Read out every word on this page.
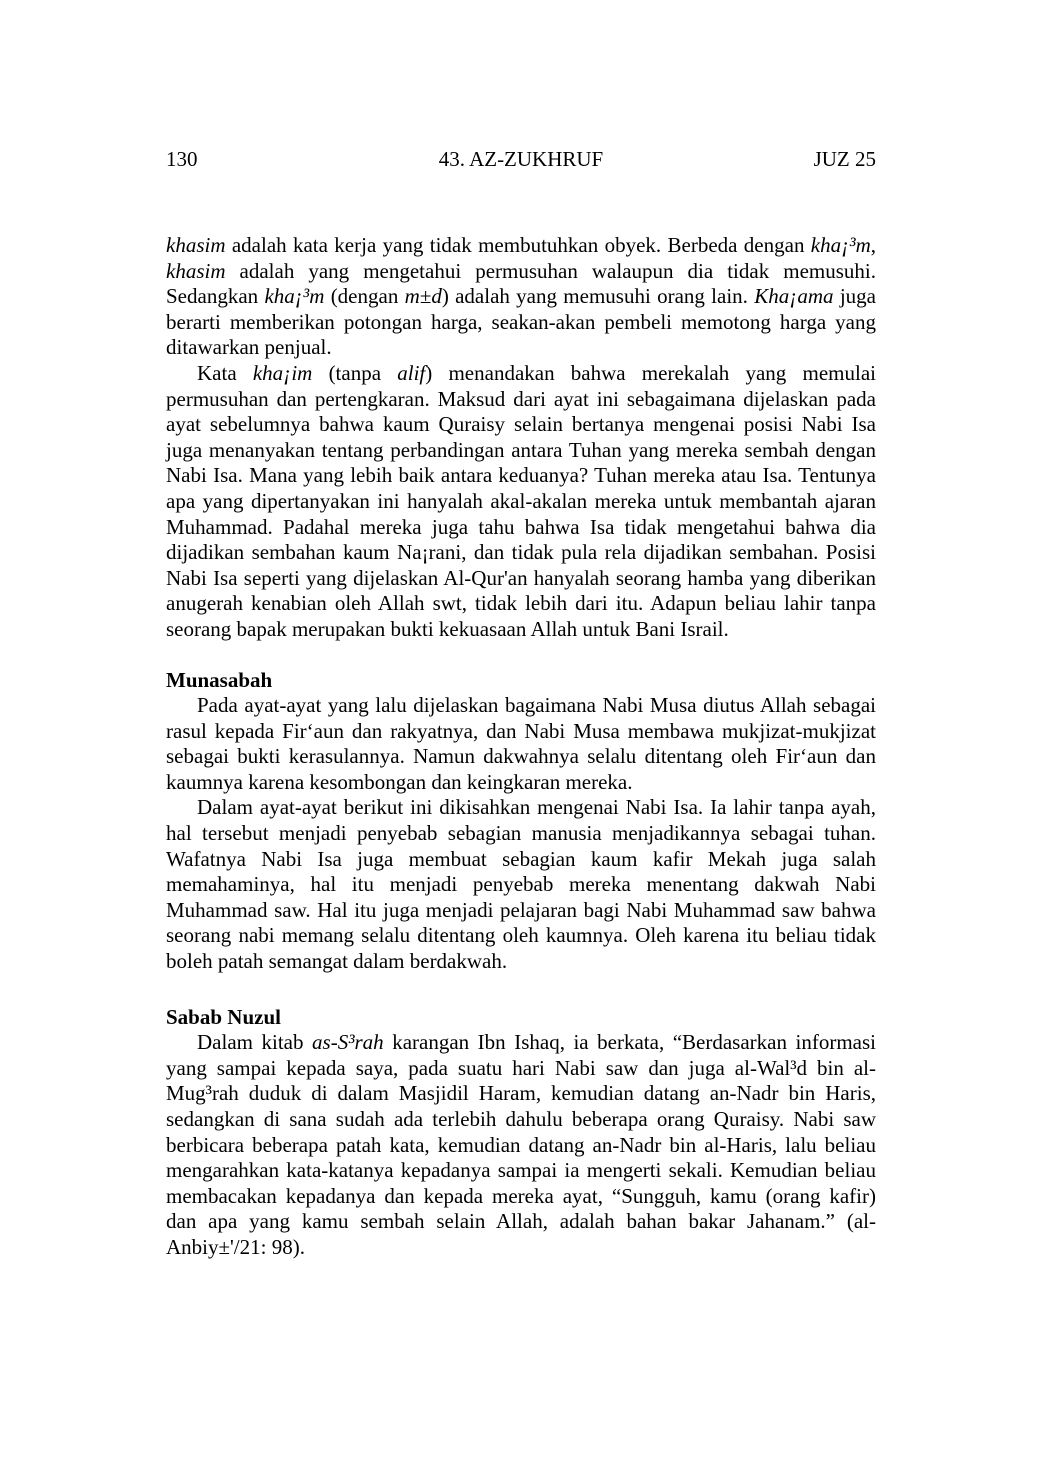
130	43. AZ-ZUKHRUF	JUZ 25

khasim adalah kata kerja yang tidak membutuhkan obyek. Berbeda dengan kha¡³m, khasim adalah yang mengetahui permusuhan walaupun dia tidak memusuhi. Sedangkan kha¡³m (dengan m±d) adalah yang memusuhi orang lain. Kha¡ama juga berarti memberikan potongan harga, seakan-akan pembeli memotong harga yang ditawarkan penjual.

Kata kha¡im (tanpa alif) menandakan bahwa merekalah yang memulai permusuhan dan pertengkaran. Maksud dari ayat ini sebagaimana dijelaskan pada ayat sebelumnya bahwa kaum Quraisy selain bertanya mengenai posisi Nabi Isa juga menanyakan tentang perbandingan antara Tuhan yang mereka sembah dengan Nabi Isa. Mana yang lebih baik antara keduanya? Tuhan mereka atau Isa. Tentunya apa yang dipertanyakan ini hanyalah akal-akalan mereka untuk membantah ajaran Muhammad. Padahal mereka juga tahu bahwa Isa tidak mengetahui bahwa dia dijadikan sembahan kaum Na¡rani, dan tidak pula rela dijadikan sembahan. Posisi Nabi Isa seperti yang dijelaskan Al-Qur'an hanyalah seorang hamba yang diberikan anugerah kenabian oleh Allah swt, tidak lebih dari itu. Adapun beliau lahir tanpa seorang bapak merupakan bukti kekuasaan Allah untuk Bani Israil.

Munasabah

Pada ayat-ayat yang lalu dijelaskan bagaimana Nabi Musa diutus Allah sebagai rasul kepada Fir‘aun dan rakyatnya, dan Nabi Musa membawa mukjizat-mukjizat sebagai bukti kerasulannya. Namun dakwahnya selalu ditentang oleh Fir‘aun dan kaumnya karena kesombongan dan keingkaran mereka.

Dalam ayat-ayat berikut ini dikisahkan mengenai Nabi Isa. Ia lahir tanpa ayah, hal tersebut menjadi penyebab sebagian manusia menjadikannya sebagai tuhan. Wafatnya Nabi Isa juga membuat sebagian kaum kafir Mekah juga salah memahaminya, hal itu menjadi penyebab mereka menentang dakwah Nabi Muhammad saw. Hal itu juga menjadi pelajaran bagi Nabi Muhammad saw bahwa seorang nabi memang selalu ditentang oleh kaumnya. Oleh karena itu beliau tidak boleh patah semangat dalam berdakwah.

Sabab Nuzul

Dalam kitab as-S³rah karangan Ibn Ishaq, ia berkata, “Berdasarkan informasi yang sampai kepada saya, pada suatu hari Nabi saw dan juga al-Wal³d bin al-Mug³rah duduk di dalam Masjidil Haram, kemudian datang an-Nadr bin Haris, sedangkan di sana sudah ada terlebih dahulu beberapa orang Quraisy. Nabi saw berbicara beberapa patah kata, kemudian datang an-Nadr bin al-Haris, lalu beliau mengarahkan kata-katanya kepadanya sampai ia mengerti sekali. Kemudian beliau membacakan kepadanya dan kepada mereka ayat, “Sungguh, kamu (orang kafir) dan apa yang kamu sembah selain Allah, adalah bahan bakar Jahanam.” (al-Anbiy±'/21: 98).
